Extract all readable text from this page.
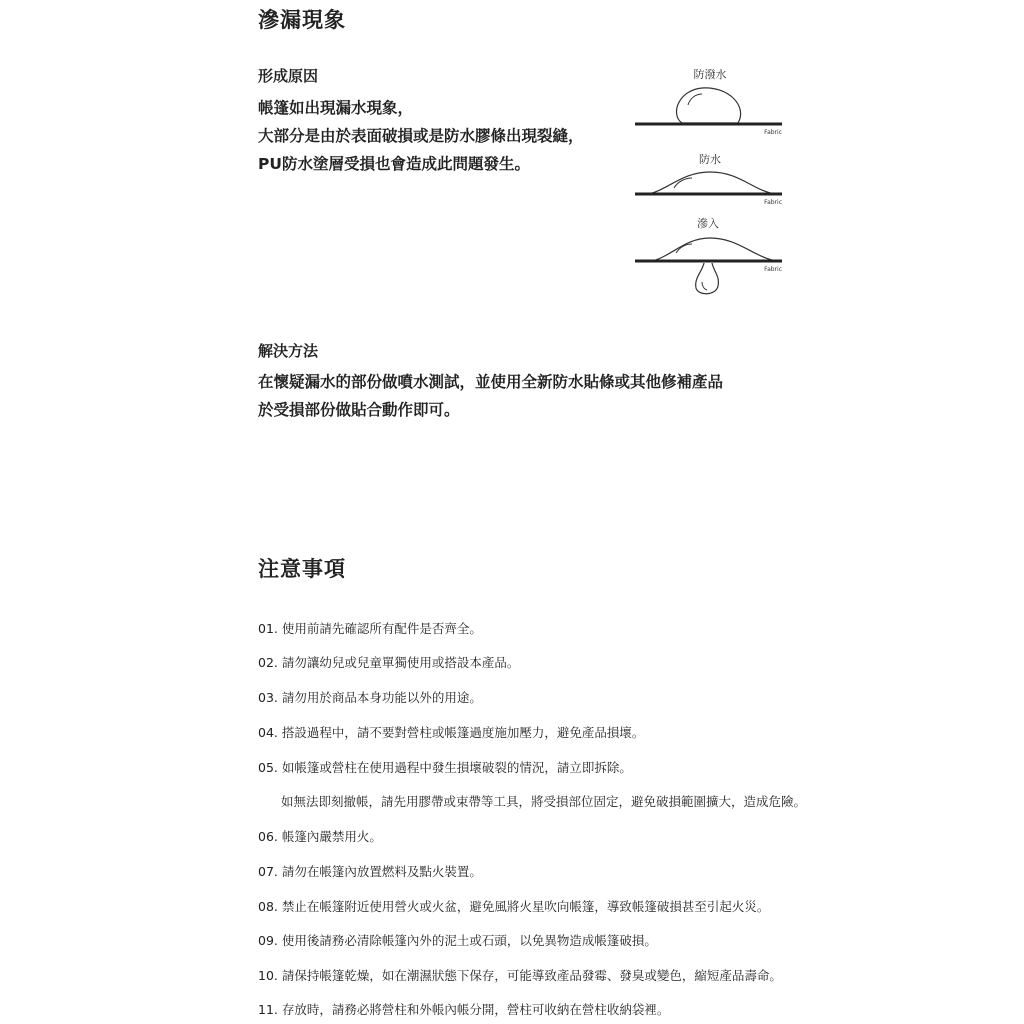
滲漏現象
形成原因
帳篷如出現漏水現象，
大部分是由於表面破損或是防水膠條出現裂縫，
PU防水塗層受損也會造成此問題發生。
防潑水
Fabric
防水
Fabric
滲入
Fabric
解決方法
在懷疑漏水的部份做噴水測試，並使用全新防水貼條或其他修補產品
於受損部份做貼合動作即可。
注意事項
01. 使用前請先確認所有配件是否齊全。
02. 請勿讓幼兒或兒童單獨使用或搭設本產品。
03. 請勿用於商品本身功能以外的用途。
04. 搭設過程中，請不要對營柱或帳篷過度施加壓力，避免產品損壞。
05. 如帳篷或營柱在使用過程中發生損壞破裂的情況，請立即拆除。
如無法即刻撤帳，請先用膠帶或束帶等工具，將受損部位固定，避免破損範圍擴大，造成危險。
06. 帳篷內嚴禁用火。
07. 請勿在帳篷內放置燃料及點火裝置。
08. 禁止在帳篷附近使用營火或火盆，避免風將火星吹向帳篷，導致帳篷破損甚至引起火災。
09. 使用後請務必清除帳篷內外的泥土或石頭，以免異物造成帳篷破損。
10. 請保持帳篷乾燥，如在潮濕狀態下保存，可能導致產品發霉、發臭或變色，縮短產品壽命。
11. 存放時，請務必將營柱和外帳內帳分開，營柱可收納在營柱收納袋裡。
